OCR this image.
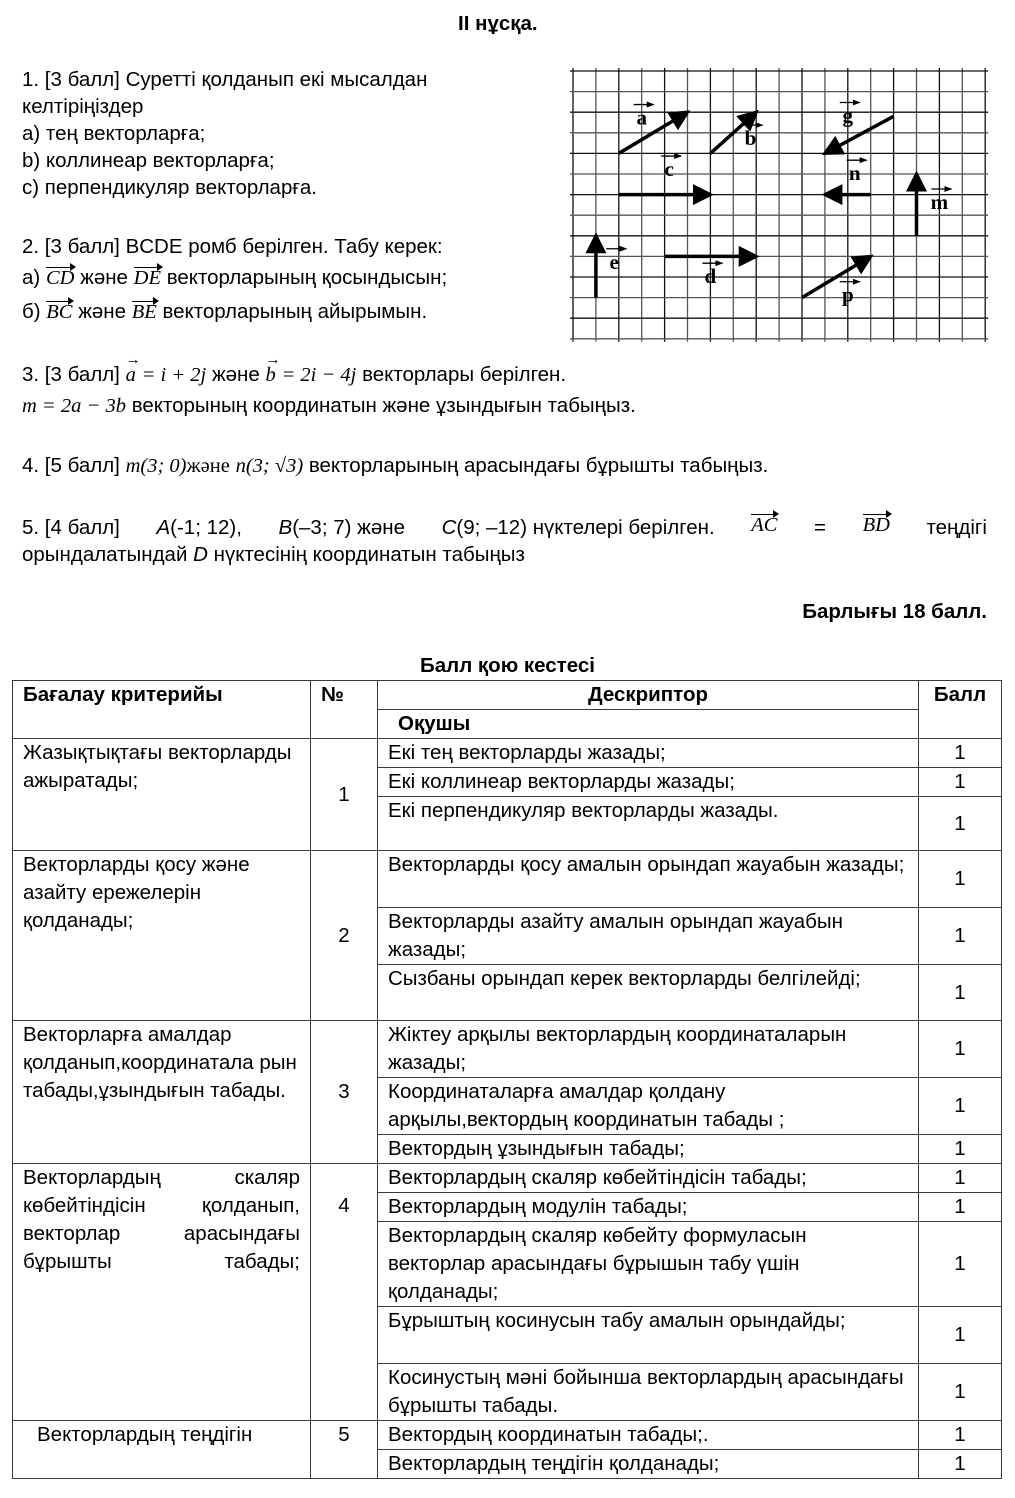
II нұсқа.
1. [3 балл] Суретті қолданып екі мысалдан
келтіріңіздер
а) тең векторларға;
b) коллинеар векторларға;
с) перпендикуляр векторларға.
a
b
g
c	n
m
e
d
p
2. [3 балл] BCDE ромб берілген. Табу керек:
а) CD және DE векторларының қосындысын;
б) BC және BE векторларының айырымын.
3. [3 балл]
→
a = i + 2j және
→
b = 2i − 4j векторлары берілген.
m = 2a − 3b векторының координатын және ұзындығын табыңыз.
4. [5 балл] m(3; 0)және n(3; √3) векторларының арасындағы бұрышты табыңыз.
5. [4 балл] A(-1; 12), B(–3; 7) және C(9; –12) нүктелері берілген. AC = BD теңдігі
орындалатындай D нүктесінің координатын табыңыз
Барлығы 18 балл.
Балл қою кестесі
Бағалау критерийы	№	Дескриптор	Балл
		Оқушы	
Жазықтықтағы векторларды ажыратады;	1	Екі тең векторларды жазады;	1
		Екі коллинеар векторларды жазады;	1
		Екі перпендикуляр векторларды жазады.	1
Векторларды қосу және азайту ережелерін қолданады;	2	Векторларды қосу амалын орындап жауабын жазады;	1
		Векторларды азайту амалын орындап жауабын жазады;	1
		Сызбаны орындап керек векторларды белгілейді;	1
Векторларға амалдар қолданып,координатала рын табады,ұзындығын табады.	3	Жіктеу арқылы векторлардың координаталарын жазады;	1
		Координаталарға амалдар қолдану арқылы,вектордың координатын табады ;	1
		Вектордың ұзындығын табады;	1
Векторлардың скаляр көбейтіндісін қолданып, векторлар арасындағы бұрышты табады;	4	Векторлардың скаляр көбейтіндісін табады;	1
		Векторлардың модулін табады;	1
		Векторлардың скаляр көбейту формуласын векторлар арасындағы бұрышын табу үшін қолданады;	1
		Бұрыштың косинусын табу амалын орындайды;	1
		Косинустың мәні бойынша векторлардың арасындағы бұрышты табады.	1
Векторлардың теңдігін	5	Вектордың координатын табады;.	1
		Векторлардың теңдігін қолданады;	1
